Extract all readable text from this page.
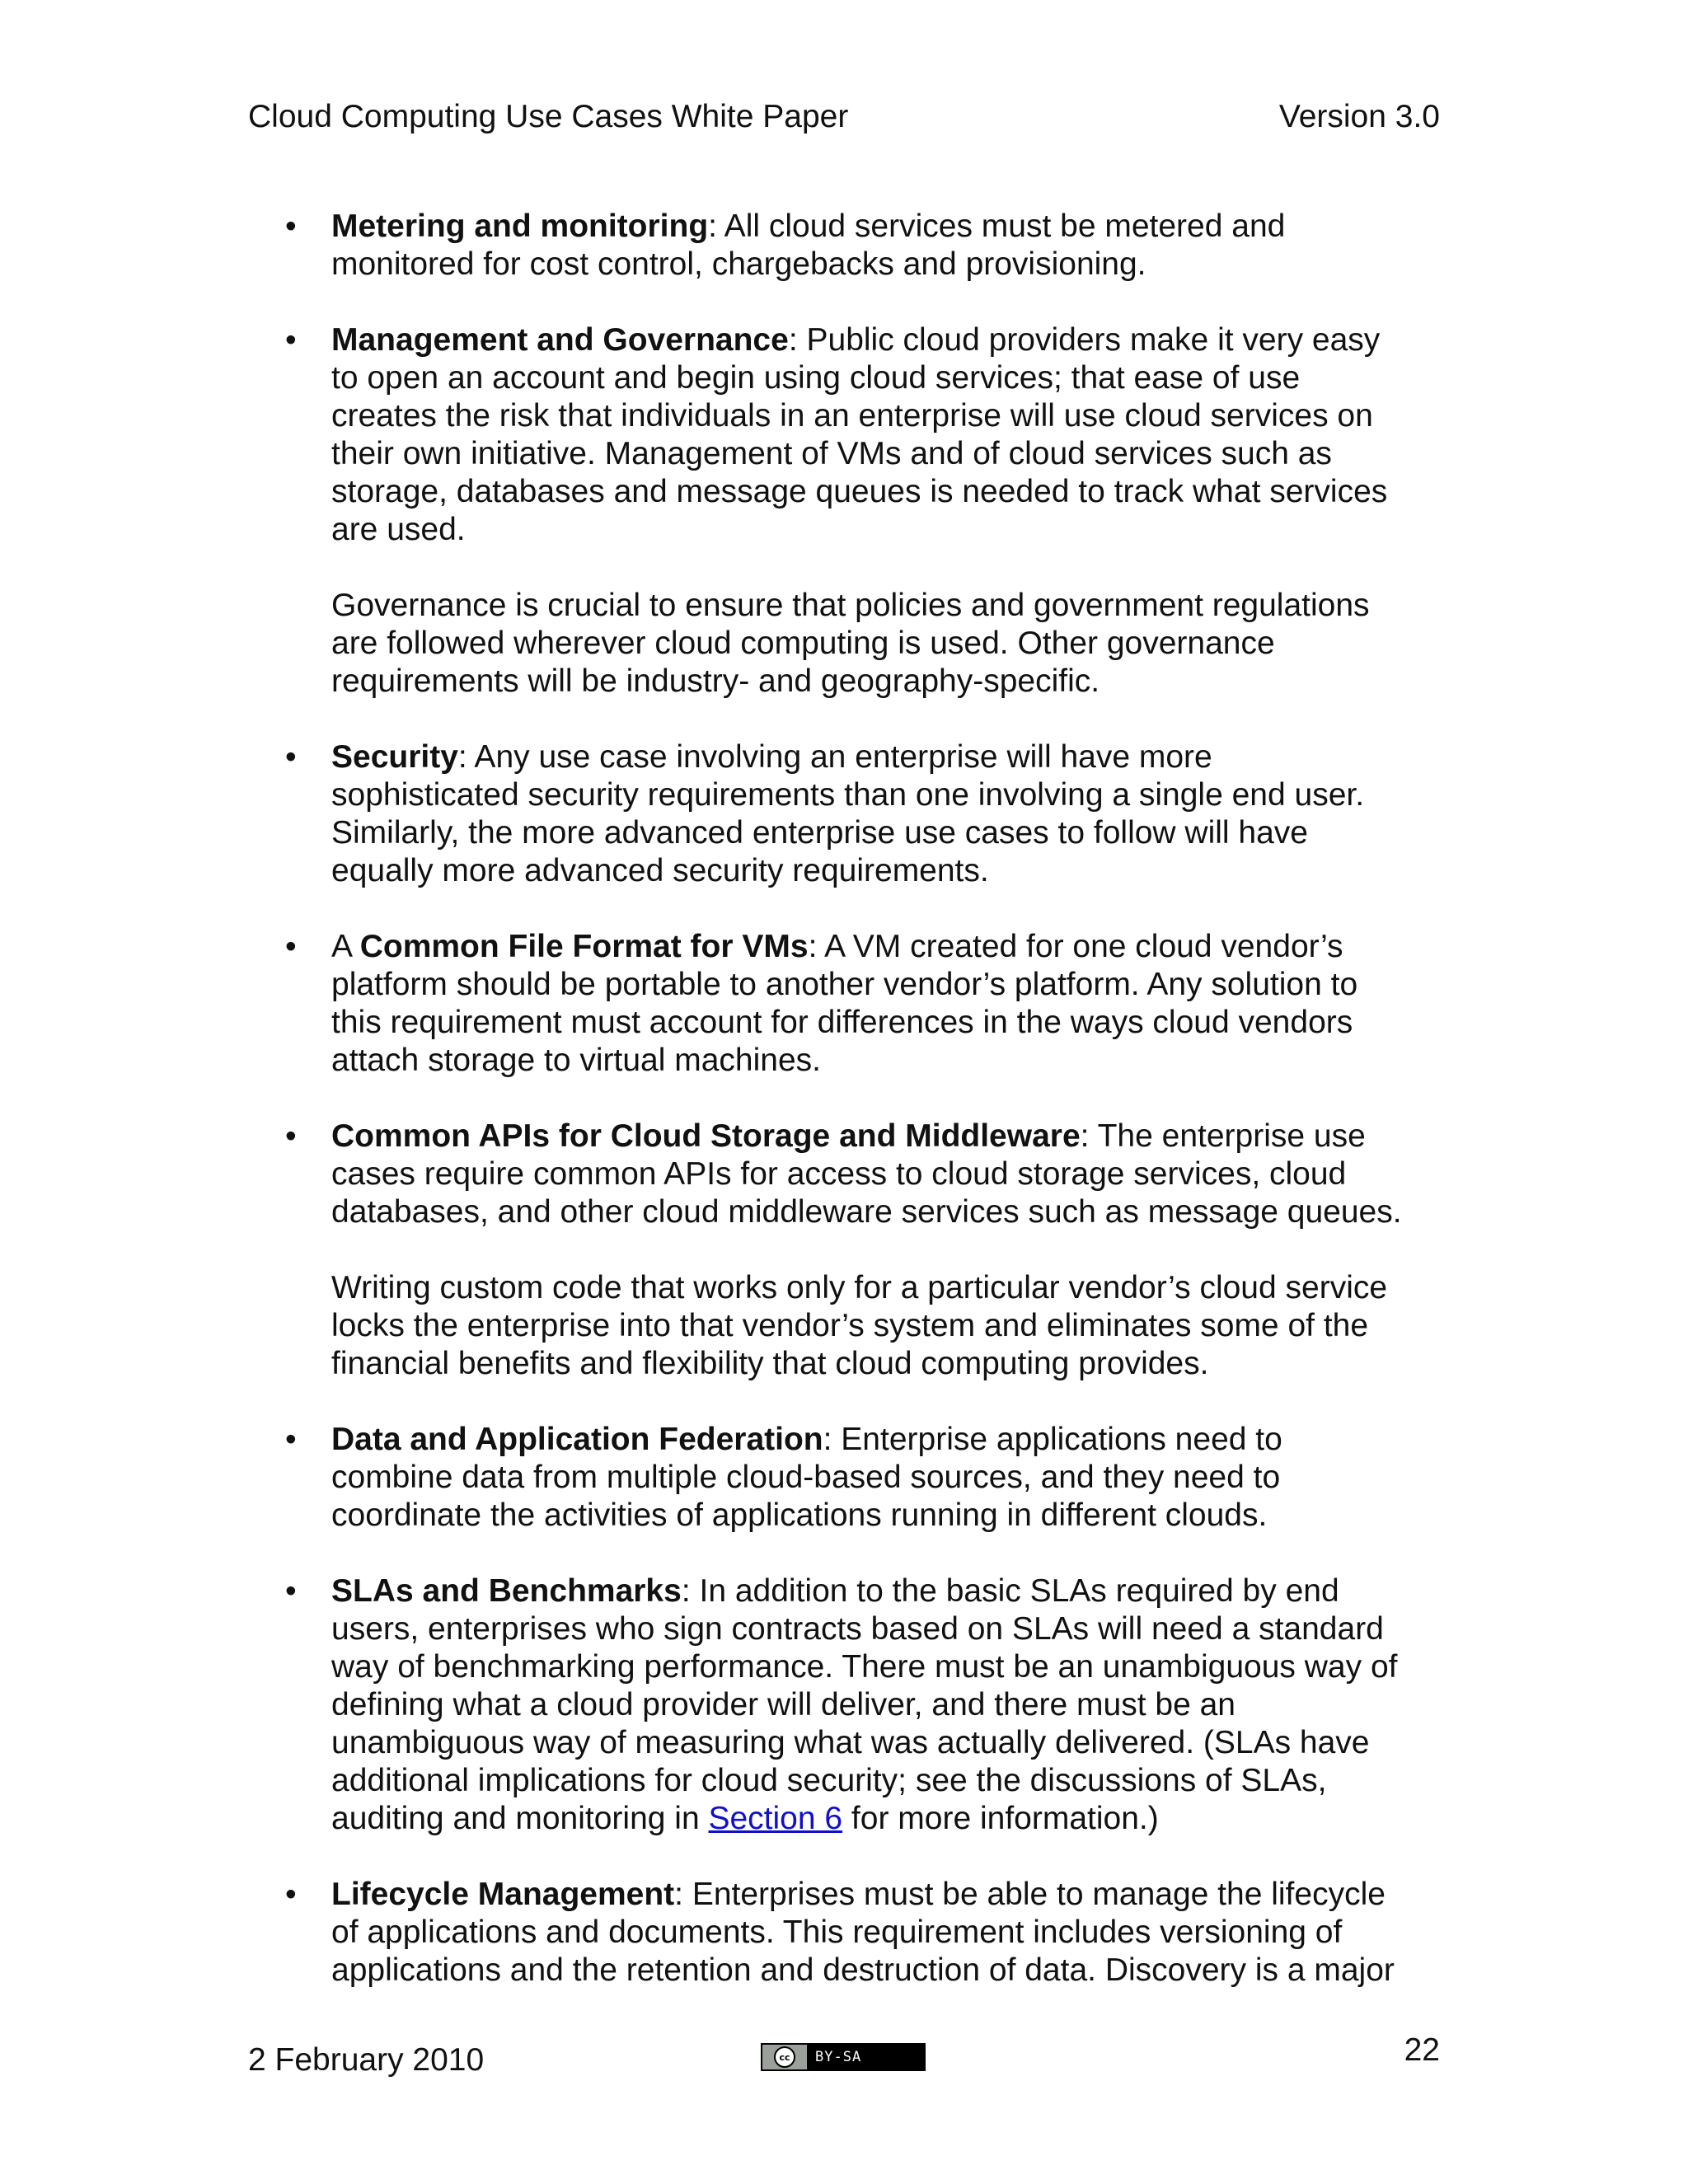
Cloud Computing Use Cases White Paper	Version 3.0
• Metering and monitoring: All cloud services must be metered and
monitored for cost control, chargebacks and provisioning.
• Management and Governance: Public cloud providers make it very easy
to open an account and begin using cloud services; that ease of use
creates the risk that individuals in an enterprise will use cloud services on
their own initiative. Management of VMs and of cloud services such as
storage, databases and message queues is needed to track what services
are used.
Governance is crucial to ensure that policies and government regulations
are followed wherever cloud computing is used. Other governance
requirements will be industry- and geography-specific.
• Security: Any use case involving an enterprise will have more
sophisticated security requirements than one involving a single end user.
Similarly, the more advanced enterprise use cases to follow will have
equally more advanced security requirements.
• A Common File Format for VMs: A VM created for one cloud vendor’s
platform should be portable to another vendor’s platform. Any solution to
this requirement must account for differences in the ways cloud vendors
attach storage to virtual machines.
• Common APIs for Cloud Storage and Middleware: The enterprise use
cases require common APIs for access to cloud storage services, cloud
databases, and other cloud middleware services such as message queues.
Writing custom code that works only for a particular vendor’s cloud service
locks the enterprise into that vendor’s system and eliminates some of the
financial benefits and flexibility that cloud computing provides.
• Data and Application Federation: Enterprise applications need to
combine data from multiple cloud-based sources, and they need to
coordinate the activities of applications running in different clouds.
• SLAs and Benchmarks: In addition to the basic SLAs required by end
users, enterprises who sign contracts based on SLAs will need a standard
way of benchmarking performance. There must be an unambiguous way of
defining what a cloud provider will deliver, and there must be an
unambiguous way of measuring what was actually delivered. (SLAs have
additional implications for cloud security; see the discussions of SLAs,
auditing and monitoring in Section 6 for more information.)
• Lifecycle Management: Enterprises must be able to manage the lifecycle
of applications and documents. This requirement includes versioning of
applications and the retention and destruction of data. Discovery is a major
2 February 2010	cc	BY-SA	22
